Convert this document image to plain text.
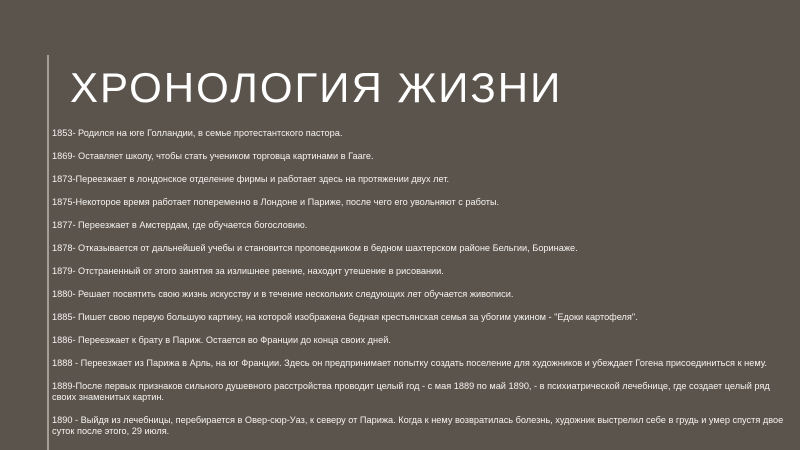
ХРОНОЛОГИЯ ЖИЗНИ
1853- Родился на юге Голландии, в семье протестантского пастора.
1869- Оставляет школу, чтобы стать учеником торговца картинами в Гааге.
1873-Переезжает в лондонское отделение фирмы и работает здесь на протяжении двух лет.
1875-Некоторое время работает попеременно в Лондоне и Париже, после чего его увольняют с работы.
1877- Переезжает в Амстердам, где обучается богословию.
1878- Отказывается от дальнейшей учебы и становится проповедником в бедном шахтерском районе Бельгии, Боринаже.
1879- Отстраненный от этого занятия за излишнее рвение, находит утешение в рисовании.
1880- Решает посвятить свою жизнь искусству и в течение нескольких следующих лет обучается живописи.
1885- Пишет свою первую большую картину, на которой изображена бедная крестьянская семья за убогим ужином - "Едоки картофеля".
1886- Переезжает к брату в Париж. Остается во Франции до конца своих дней.
1888 - Переезжает из Парижа в Арль, на юг Франции. Здесь он предпринимает попытку создать поселение для художников и убеждает Гогена присоединиться к нему.
1889-После первых признаков сильного душевного расстройства проводит целый год - с мая 1889 по май 1890, - в психиатрической лечебнице, где создает целый ряд своих знаменитых картин.
1890 - Выйдя из лечебницы, перебирается в Овер-сюр-Уаз, к северу от Парижа. Когда к нему возвратилась болезнь, художник выстрелил себе в грудь и умер спустя двое суток после этого, 29 июля.
